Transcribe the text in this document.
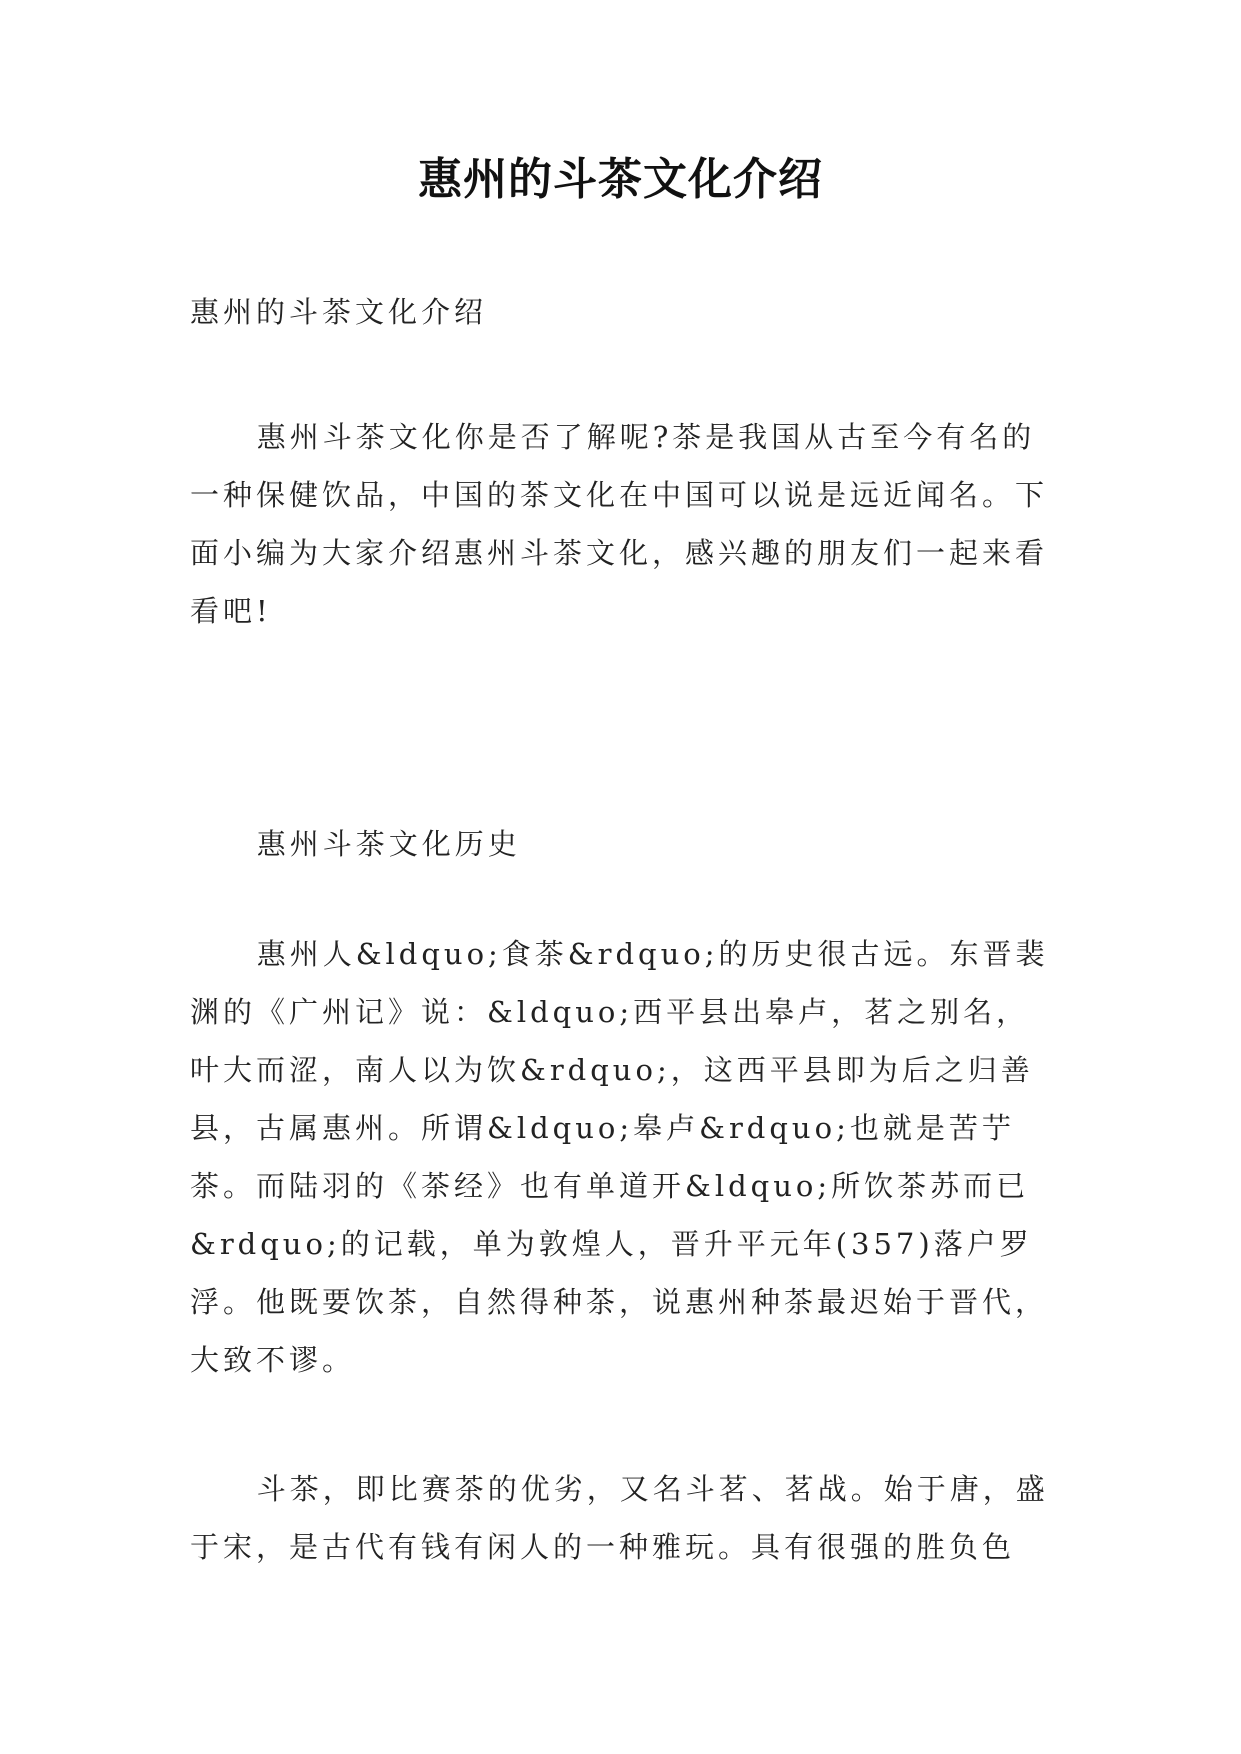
惠州的斗茶文化介绍
惠州的斗茶文化介绍

惠州斗茶文化你是否了解呢?茶是我国从古至今有名的一种保健饮品，中国的茶文化在中国可以说是远近闻名。下面小编为大家介绍惠州斗茶文化，感兴趣的朋友们一起来看看吧!

惠州斗茶文化历史

惠州人&ldquo;食茶&rdquo;的历史很古远。东晋裴渊的《广州记》说：&ldquo;西平县出皋卢，茗之别名，叶大而涩，南人以为饮&rdquo;，这西平县即为后之归善县，古属惠州。所谓&ldquo;皋卢&rdquo;也就是苦艼茶。而陆羽的《茶经》也有单道开&ldquo;所饮茶苏而已&rdquo;的记载，单为敦煌人，晋升平元年(357)落户罗浮。他既要饮茶，自然得种茶，说惠州种茶最迟始于晋代，大致不谬。

斗茶，即比赛茶的优劣，又名斗茗、茗战。始于唐，盛于宋，是古代有钱有闲人的一种雅玩。具有很强的胜负色
